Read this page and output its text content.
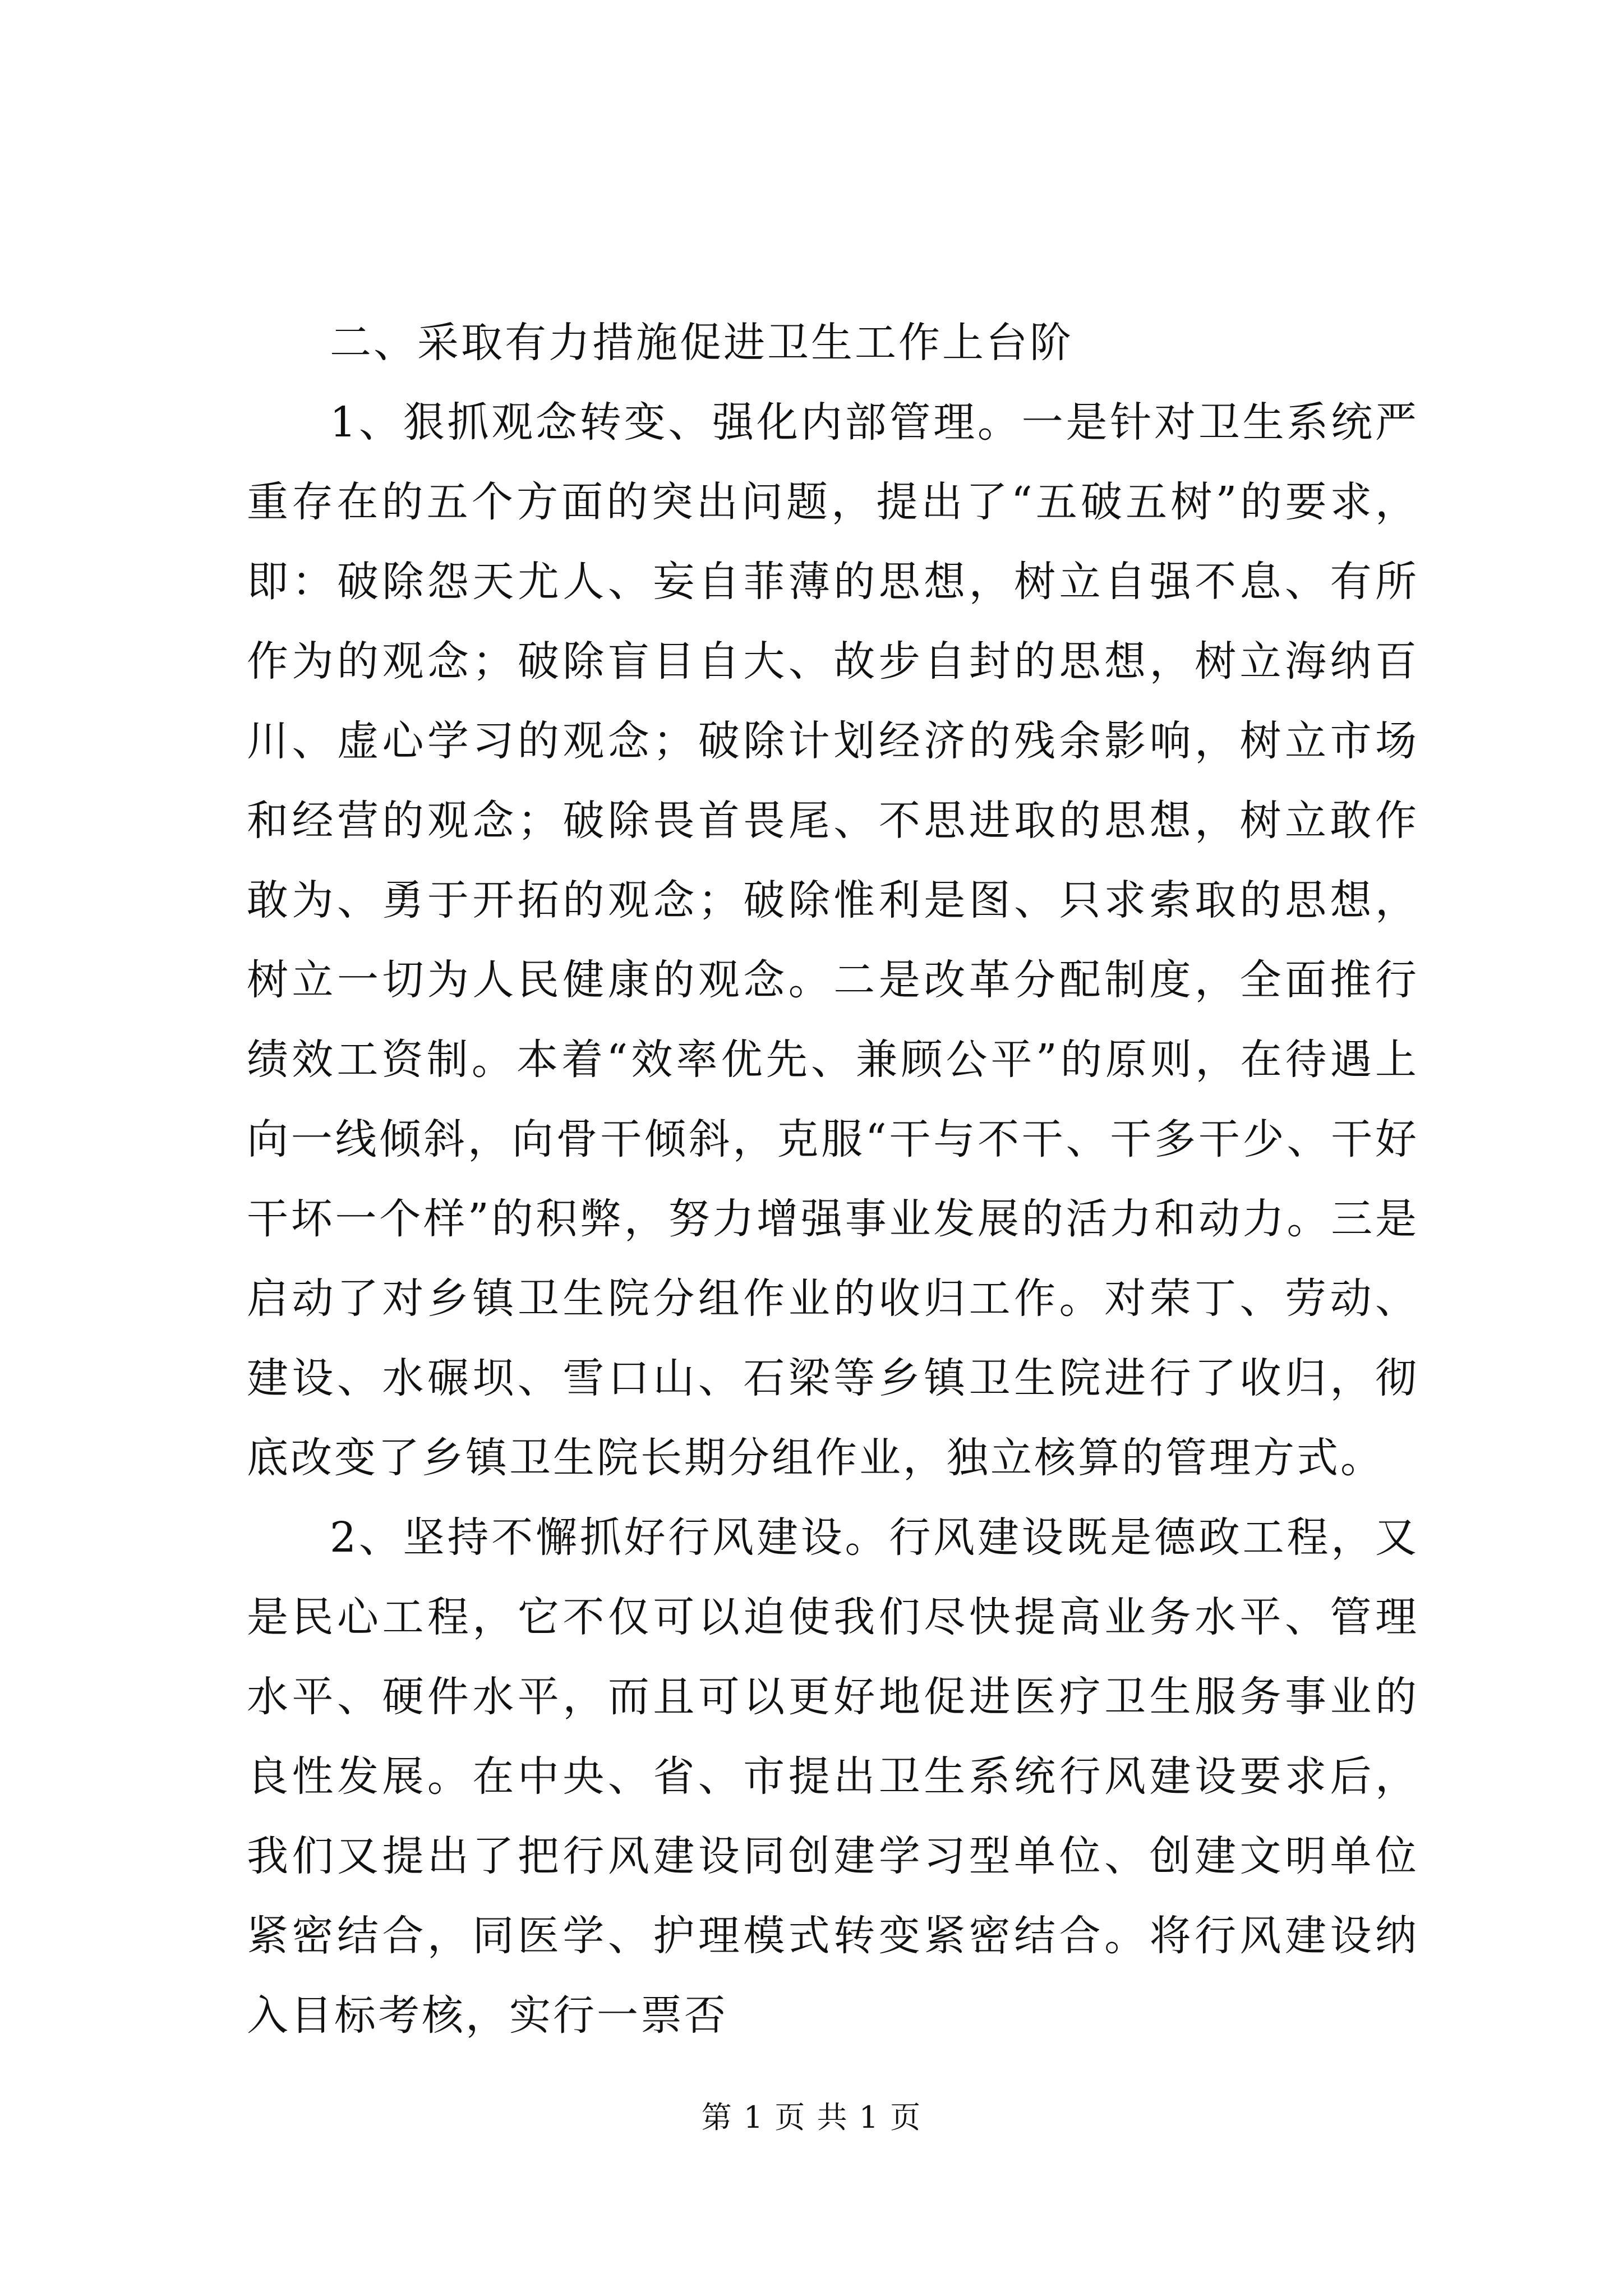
二、采取有力措施促进卫生工作上台阶

1、狠抓观念转变、强化内部管理。一是针对卫生系统严重存在的五个方面的突出问题，提出了“五破五树”的要求，即：破除怨天尤人、妄自菲薄的思想，树立自强不息、有所作为的观念；破除盲目自大、故步自封的思想，树立海纳百川、虚心学习的观念；破除计划经济的残余影响，树立市场和经营的观念；破除畏首畏尾、不思进取的思想，树立敢作敢为、勇于开拓的观念；破除惟利是图、只求索取的思想，树立一切为人民健康的观念。二是改革分配制度，全面推行绩效工资制。本着“效率优先、兼顾公平”的原则，在待遇上向一线倾斜，向骨干倾斜，克服“干与不干、干多干少、干好干坏一个样”的积弊，努力增强事业发展的活力和动力。三是启动了对乡镇卫生院分组作业的收归工作。对荣丁、劳动、建设、水碾坝、雪口山、石梁等乡镇卫生院进行了收归，彻底改变了乡镇卫生院长期分组作业，独立核算的管理方式。

2、坚持不懈抓好行风建设。行风建设既是德政工程，又是民心工程，它不仅可以迫使我们尽快提高业务水平、管理水平、硬件水平，而且可以更好地促进医疗卫生服务事业的良性发展。在中央、省、市提出卫生系统行风建设要求后，我们又提出了把行风建设同创建学习型单位、创建文明单位紧密结合，同医学、护理模式转变紧密结合。将行风建设纳入目标考核，实行一票否

第 1 页 共 1 页
